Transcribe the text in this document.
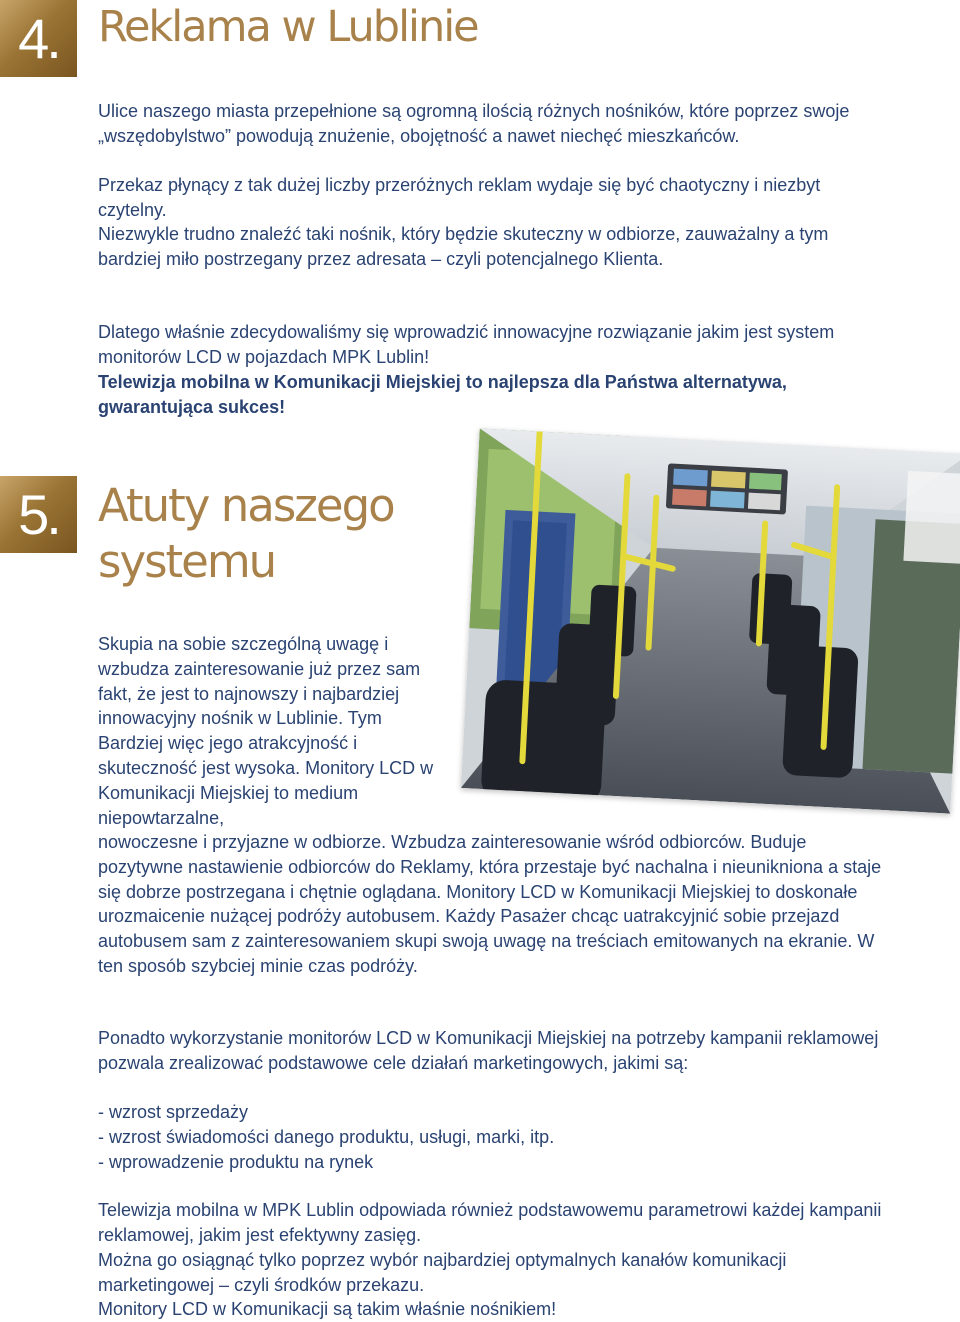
4. Reklama w Lublinie

Ulice naszego miasta przepełnione są ogromną ilością różnych nośników, które poprzez swoje „wszędobylstwo” powodują znużenie, obojętność a nawet niechęć mieszkańców.

Przekaz płynący z tak dużej liczby przeróżnych reklam wydaje się być chaotyczny i niezbyt czytelny.

Niezwykle trudno znaleźć taki nośnik, który będzie skuteczny w odbiorze, zauważalny a tym bardziej miło postrzegany przez adresata – czyli potencjalnego Klienta.

Dlatego właśnie zdecydowaliśmy się wprowadzić innowacyjne rozwiązanie jakim jest system monitorów LCD w pojazdach MPK Lublin!

Telewizja mobilna w Komunikacji Miejskiej to najlepsza dla Państwa alternatywa, gwarantująca sukces!

5. Atuty naszego
systemu

Skupia na sobie szczególną uwagę i wzbudza zainteresowanie już przez sam fakt, że jest to najnowszy i najbardziej innowacyjny nośnik w Lublinie. Tym Bardziej więc jego atrakcyjność i skuteczność jest wysoka. Monitory LCD w Komunikacji Miejskiej to medium niepowtarzalne,

nowoczesne i przyjazne w odbiorze. Wzbudza zainteresowanie wśród odbiorców. Buduje pozytywne nastawienie odbiorców do Reklamy, która przestaje być nachalna i nieunikniona a staje się dobrze postrzegana i chętnie oglądana. Monitory LCD w Komunikacji Miejskiej to doskonałe urozmaicenie nużącej podróży autobusem. Każdy Pasażer chcąc uatrakcyjnić sobie przejazd autobusem sam z zainteresowaniem skupi swoją uwagę na treściach emitowanych na ekranie. W ten sposób szybciej minie czas podróży.

Ponadto wykorzystanie monitorów LCD w Komunikacji Miejskiej na potrzeby kampanii reklamowej pozwala zrealizować podstawowe cele działań marketingowych, jakimi są:

- wzrost sprzedaży
- wzrost świadomości danego produktu, usługi, marki, itp.
- wprowadzenie produktu na rynek

Telewizja mobilna w MPK Lublin odpowiada również podstawowemu parametrowi każdej kampanii reklamowej, jakim jest efektywny zasięg.

Można go osiągnąć tylko poprzez wybór najbardziej optymalnych kanałów komunikacji marketingowej – czyli środków przekazu.

Monitory LCD w Komunikacji są takim właśnie nośnikiem!
